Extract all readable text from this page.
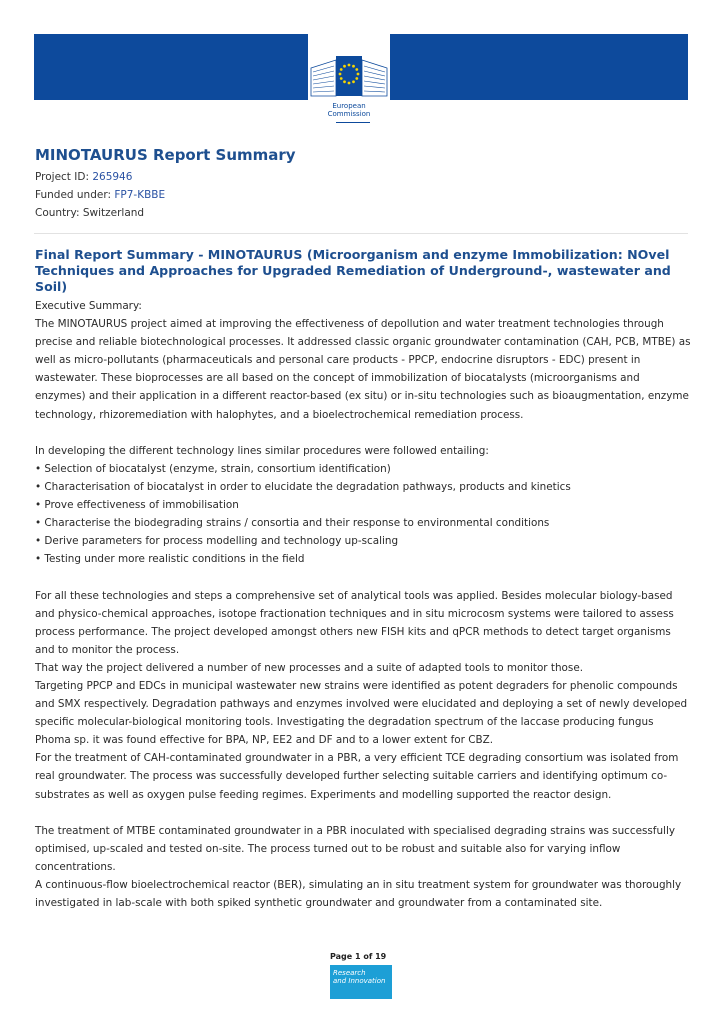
European
Commission
MINOTAURUS Report Summary
Project ID: 265946
Funded under: FP7-KBBE
Country: Switzerland
Final Report Summary - MINOTAURUS (Microorganism and enzyme Immobilization: NOvel Techniques and Approaches for Upgraded Remediation of Underground-, wastewater and Soil)

Executive Summary:

The MINOTAURUS project aimed at improving the effectiveness of depollution and water treatment technologies through precise and reliable biotechnological processes. It addressed classic organic groundwater contamination (CAH, PCB, MTBE) as well as micro-pollutants (pharmaceuticals and personal care products - PPCP, endocrine disruptors - EDC) present in wastewater. These bioprocesses are all based on the concept of immobilization of biocatalysts (microorganisms and enzymes) and their application in a different reactor-based (ex situ) or in-situ technologies such as bioaugmentation, enzyme technology, rhizoremediation with halophytes, and a bioelectrochemical remediation process.

In developing the different technology lines similar procedures were followed entailing:

• Selection of biocatalyst (enzyme, strain, consortium identification)

• Characterisation of biocatalyst in order to elucidate the degradation pathways, products and kinetics

• Prove effectiveness of immobilisation

• Characterise the biodegrading strains / consortia and their response to environmental conditions

• Derive parameters for process modelling and technology up-scaling

• Testing under more realistic conditions in the field

For all these technologies and steps a comprehensive set of analytical tools was applied. Besides molecular biology-based and physico-chemical approaches, isotope fractionation techniques and in situ microcosm systems were tailored to assess process performance. The project developed amongst others new FISH kits and qPCR methods to detect target organisms and to monitor the process.

That way the project delivered a number of new processes and a suite of adapted tools to monitor those.

Targeting PPCP and EDCs in municipal wastewater new strains were identified as potent degraders for phenolic compounds and SMX respectively. Degradation pathways and enzymes involved were elucidated and deploying a set of newly developed specific molecular-biological monitoring tools. Investigating the degradation spectrum of the laccase producing fungus Phoma sp. it was found effective for BPA, NP, EE2 and DF and to a lower extent for CBZ.

For the treatment of CAH-contaminated groundwater in a PBR, a very efficient TCE degrading consortium was isolated from real groundwater. The process was successfully developed further selecting suitable carriers and identifying optimum co-substrates as well as oxygen pulse feeding regimes. Experiments and modelling supported the reactor design.

The treatment of MTBE contaminated groundwater in a PBR inoculated with specialised degrading strains was successfully optimised, up-scaled and tested on-site. The process turned out to be robust and suitable also for varying inflow concentrations.

A continuous-flow bioelectrochemical reactor (BER), simulating an in situ treatment system for groundwater was thoroughly investigated in lab-scale with both spiked synthetic groundwater and groundwater from a contaminated site.

Page 1 of 19
Research
and Innovation
